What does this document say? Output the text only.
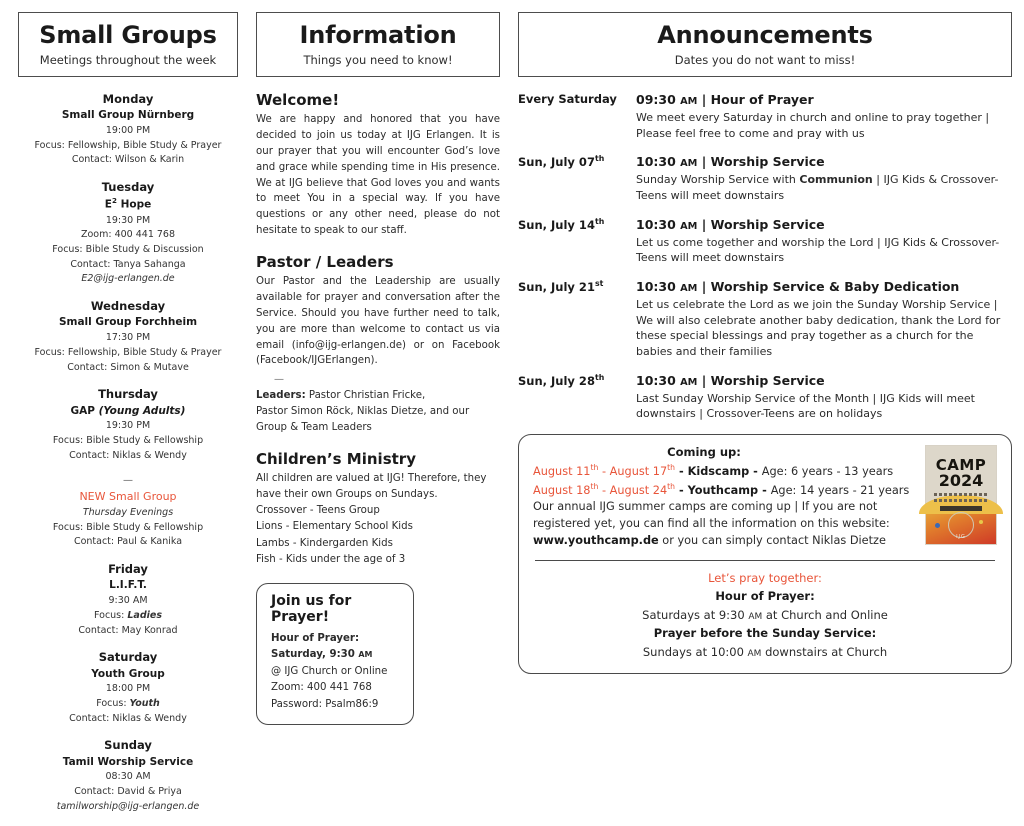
Small Groups
Meetings throughout the week
Monday
Small Group Nürnberg
19:00 PM
Focus: Fellowship, Bible Study & Prayer
Contact: Wilson & Karin
Tuesday
$E^2$ Hope
19:30 PM
Zoom: 400 441 768
Focus: Bible Study & Discussion
Contact: Tanya Sahanga
E2@ijg-erlangen.de
Wednesday
Small Group Forchheim
17:30 PM
Focus: Fellowship, Bible Study & Prayer
Contact: Simon & Mutave
Thursday
GAP (Young Adults)
19:30 PM
Focus: Bible Study & Fellowship
Contact: Niklas & Wendy
—
NEW Small Group
Thursday Evenings
Focus: Bible Study & Fellowship
Contact: Paul & Kanika
Friday
L.I.F.T.
9:30 AM
Focus: Ladies
Contact: May Konrad
Saturday
Youth Group
18:00 PM
Focus: Youth
Contact: Niklas & Wendy
Sunday
Tamil Worship Service
08:30 AM
Contact: David & Priya
tamilworship@ijg-erlangen.de
Information
Things you need to know!
Welcome!
We are happy and honored that you have decided to join us today at IJG Erlangen. It is our prayer that you will encounter God’s love and grace while spending time in His presence. We at IJG believe that God loves you and wants to meet You in a special way. If you have questions or any other need, please do not hesitate to speak to our staff.
Pastor / Leaders
Our Pastor and the Leadership are usually available for prayer and conversation after the Service. Should you have further need to talk, you are more than welcome to contact us via email (info@ijg-erlangen.de) or on Facebook (Facebook/IJGErlangen).
—
Leaders: Pastor Christian Fricke,
Pastor Simon Röck, Niklas Dietze, and our
Group & Team Leaders
Children’s Ministry
All children are valued at IJG! Therefore, they have their own Groups on Sundays.
Crossover - Teens Group
Lions - Elementary School Kids
Lambs - Kindergarden Kids
Fish - Kids under the age of 3
Join us for Prayer!
Hour of Prayer:
Saturday, 9:30 AM
@ IJG Church or Online
Zoom: 400 441 768
Password: Psalm86:9
Announcements
Dates you do not want to miss!
Every Saturday	09:30 AM | Hour of Prayer
We meet every Saturday in church and online to pray together | Please feel free to come and pray with us
Sun, July 07th	10:30 AM | Worship Service
Sunday Worship Service with Communion | IJG Kids & Crossover-Teens will meet downstairs
Sun, July 14th	10:30 AM | Worship Service
Let us come together and worship the Lord | IJG Kids & Crossover-Teens will meet downstairs
Sun, July 21st	10:30 AM | Worship Service & Baby Dedication
Let us celebrate the Lord as we join the Sunday Worship Service | We will also celebrate another baby dedication, thank the Lord for these special blessings and pray together as a church for the babies and their families
Sun, July 28th	10:30 AM | Worship Service
Last Sunday Worship Service of the Month | IJG Kids will meet downstairs | Crossover-Teens are on holidays
Coming up:
August 11th - August 17th - Kidscamp - Age: 6 years - 13 years
August 18th - August 24th - Youthcamp - Age: 14 years - 21 years
Our annual IJG summer camps are coming up | If you are not
registered yet, you can find all the information on this website:
www.youthcamp.de or you can simply contact Niklas Dietze
CAMP
2024
IJG
Let’s pray together:
Hour of Prayer:
Saturdays at 9:30 AM at Church and Online
Prayer before the Sunday Service:
Sundays at 10:00 AM downstairs at Church
